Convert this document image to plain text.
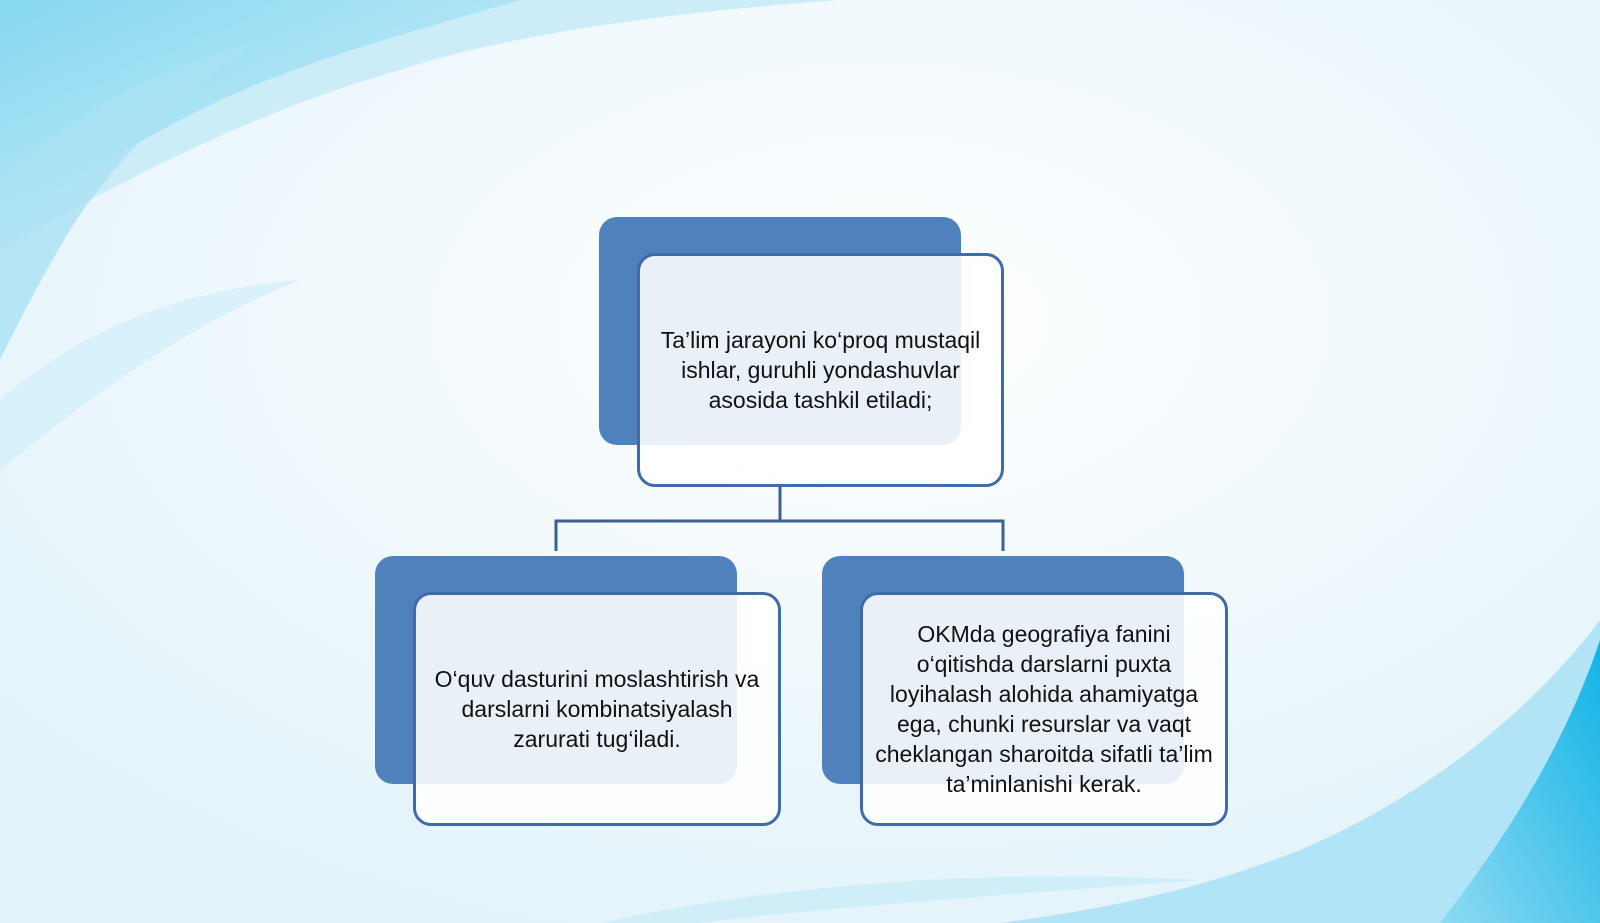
Ta’lim jarayoni ko‘proq mustaqil ishlar, guruhli yondashuvlar asosida tashkil etiladi;
O‘quv dasturini moslashtirish va darslarni kombinatsiyalash zarurati tug‘iladi.
OKMda geografiya fanini o‘qitishda darslarni puxta loyihalash alohida ahamiyatga ega, chunki resurslar va vaqt cheklangan sharoitda sifatli ta’lim ta’minlanishi kerak.
